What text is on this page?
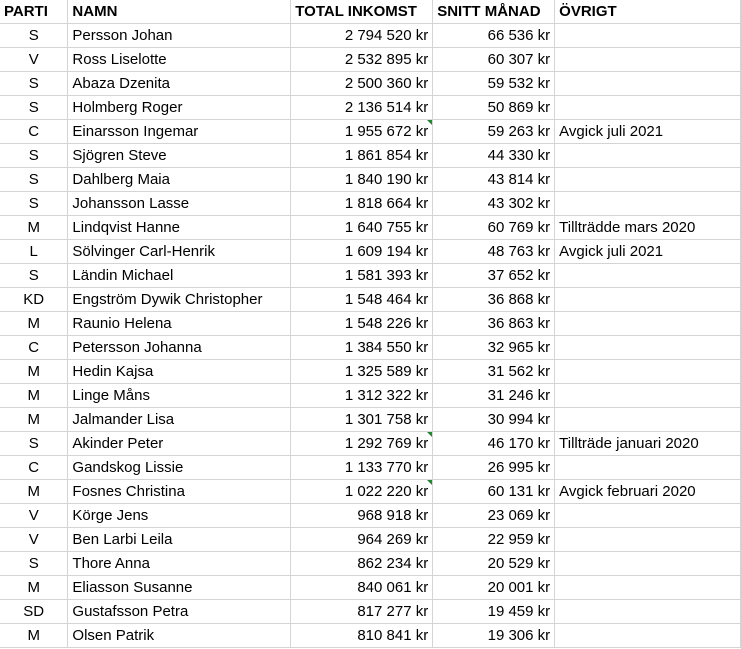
PARTI	NAMN	TOTAL INKOMST	SNITT MÅNAD	ÖVRIGT
S	Persson Johan	2 794 520 kr	66 536 kr	
V	Ross Liselotte	2 532 895 kr	60 307 kr	
S	Abaza Dzenita	2 500 360 kr	59 532 kr	
S	Holmberg Roger	2 136 514 kr	50 869 kr	
C	Einarsson Ingemar	1 955 672 kr	59 263 kr	Avgick juli 2021
S	Sjögren Steve	1 861 854 kr	44 330 kr	
S	Dahlberg Maia	1 840 190 kr	43 814 kr	
S	Johansson Lasse	1 818 664 kr	43 302 kr	
M	Lindqvist Hanne	1 640 755 kr	60 769 kr	Tillträdde mars 2020
L	Sölvinger Carl-Henrik	1 609 194 kr	48 763 kr	Avgick juli 2021
S	Ländin Michael	1 581 393 kr	37 652 kr	
KD	Engström Dywik Christopher	1 548 464 kr	36 868 kr	
M	Raunio Helena	1 548 226 kr	36 863 kr	
C	Petersson Johanna	1 384 550 kr	32 965 kr	
M	Hedin Kajsa	1 325 589 kr	31 562 kr	
M	Linge Måns	1 312 322 kr	31 246 kr	
M	Jalmander Lisa	1 301 758 kr	30 994 kr	
S	Akinder Peter	1 292 769 kr	46 170 kr	Tillträde januari 2020
C	Gandskog Lissie	1 133 770 kr	26 995 kr	
M	Fosnes Christina	1 022 220 kr	60 131 kr	Avgick februari 2020
V	Körge Jens	968 918 kr	23 069 kr	
V	Ben Larbi Leila	964 269 kr	22 959 kr	
S	Thore Anna	862 234 kr	20 529 kr	
M	Eliasson Susanne	840 061 kr	20 001 kr	
SD	Gustafsson Petra	817 277 kr	19 459 kr	
M	Olsen Patrik	810 841 kr	19 306 kr	
